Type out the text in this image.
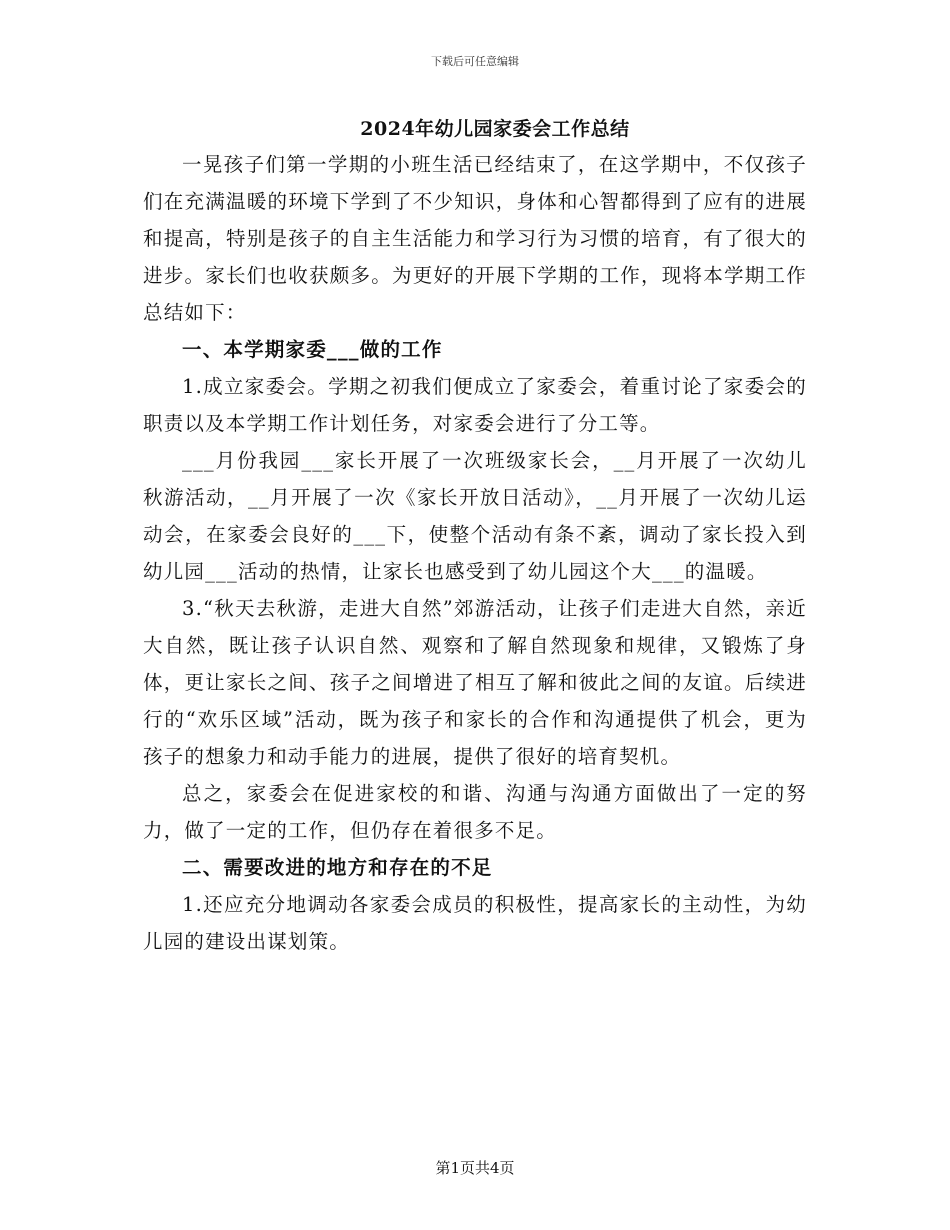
下载后可任意编辑
2024年幼儿园家委会工作总结

一晃孩子们第一学期的小班生活已经结束了，在这学期中，不仅孩子们在充满温暖的环境下学到了不少知识，身体和心智都得到了应有的进展和提高，特别是孩子的自主生活能力和学习行为习惯的培育，有了很大的进步。家长们也收获颇多。为更好的开展下学期的工作，现将本学期工作总结如下：

一、本学期家委___做的工作

1.成立家委会。学期之初我们便成立了家委会，着重讨论了家委会的职责以及本学期工作计划任务，对家委会进行了分工等。

___月份我园___家长开展了一次班级家长会，__月开展了一次幼儿秋游活动，__月开展了一次《家长开放日活动》，__月开展了一次幼儿运动会，在家委会良好的___下，使整个活动有条不紊，调动了家长投入到幼儿园___活动的热情，让家长也感受到了幼儿园这个大___的温暖。

3.“秋天去秋游，走进大自然”郊游活动，让孩子们走进大自然，亲近大自然，既让孩子认识自然、观察和了解自然现象和规律，又锻炼了身体，更让家长之间、孩子之间增进了相互了解和彼此之间的友谊。后续进行的“欢乐区域”活动，既为孩子和家长的合作和沟通提供了机会，更为孩子的想象力和动手能力的进展，提供了很好的培育契机。

总之，家委会在促进家校的和谐、沟通与沟通方面做出了一定的努力，做了一定的工作，但仍存在着很多不足。

二、需要改进的地方和存在的不足

1.还应充分地调动各家委会成员的积极性，提高家长的主动性，为幼儿园的建设出谋划策。

第1页共4页
